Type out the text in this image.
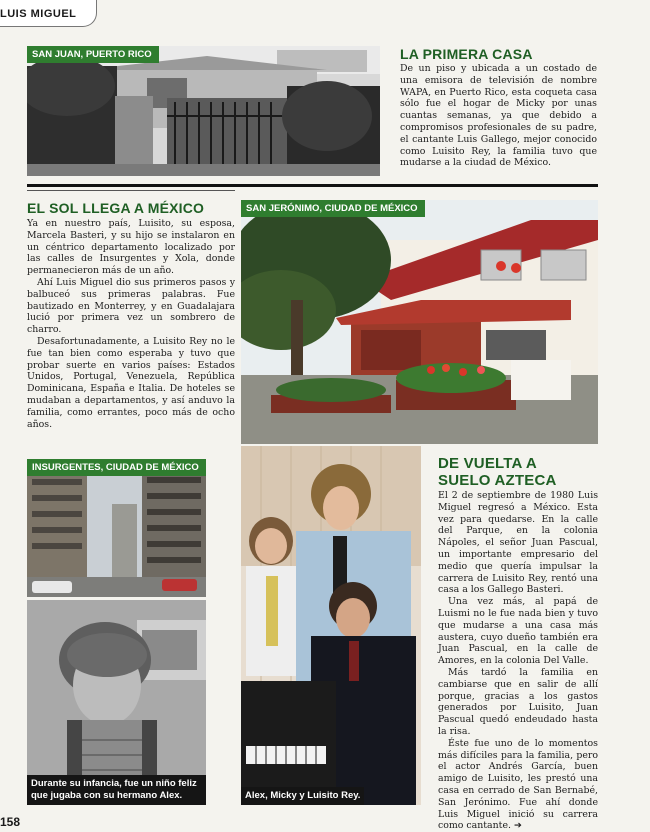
LUIS MIGUEL
SAN JUAN, PUERTO RICO	LA PRIMERA CASA

De un piso y ubicada a un costado de una emisora de televisión de nombre WAPA, en Puerto Rico, esta coqueta casa sólo fue el hogar de Micky por unas cuantas semanas, ya que debido a compromisos profesionales de su padre, el cantante Luis Gallego, mejor conocido como Luisito Rey, la familia tuvo que mudarse a la ciudad de México.

EL SOL LLEGA A MÉXICO

Ya en nuestro país, Luisito, su esposa, Marcela Basteri, y su hijo se instalaron en un céntrico departamento localizado por las calles de Insurgentes y Xola, donde permanecieron más de un año.

Ahí Luis Miguel dio sus primeros pasos y balbuceó sus primeras palabras. Fue bautizado en Monterrey, y en Guadalajara lució por primera vez un sombrero de charro.

Desafortunadamente, a Luisito Rey no le fue tan bien como esperaba y tuvo que probar suerte en varios países: Estados Unidos, Portugal, Venezuela, República Dominicana, España e Italia. De hoteles se mudaban a departamentos, y así anduvo la familia, como errantes, poco más de ocho años.

SAN JERÓNIMO, CIUDAD DE MÉXICO
INSURGENTES, CIUDAD DE MÉXICO
Durante su infancia, fue un niño feliz que jugaba con su hermano Alex.	Alex, Micky y Luisito Rey.
DE VUELTA A
SUELO AZTECA

El 2 de septiembre de 1980 Luis Miguel regresó a México. Esta vez para quedarse. En la calle del Parque, en la colonia Nápoles, el señor Juan Pascual, un importante empresario del medio que quería impulsar la carrera de Luisito Rey, rentó una casa a los Gallego Basteri.

Una vez más, al papá de Luismi no le fue nada bien y tuvo que mudarse a una casa más austera, cuyo dueño también era Juan Pascual, en la calle de Amores, en la colonia Del Valle.

Más tardó la familia en cambiarse que en salir de allí porque, gracias a los gastos generados por Luisito, Juan Pascual quedó endeudado hasta la risa.

Éste fue uno de lo momentos más difíciles para la familia, pero el actor Andrés García, buen amigo de Luisito, les prestó una casa en cerrado de San Bernabé, San Jerónimo. Fue ahí donde Luis Miguel inició su carrera como cantante. ➔

158
